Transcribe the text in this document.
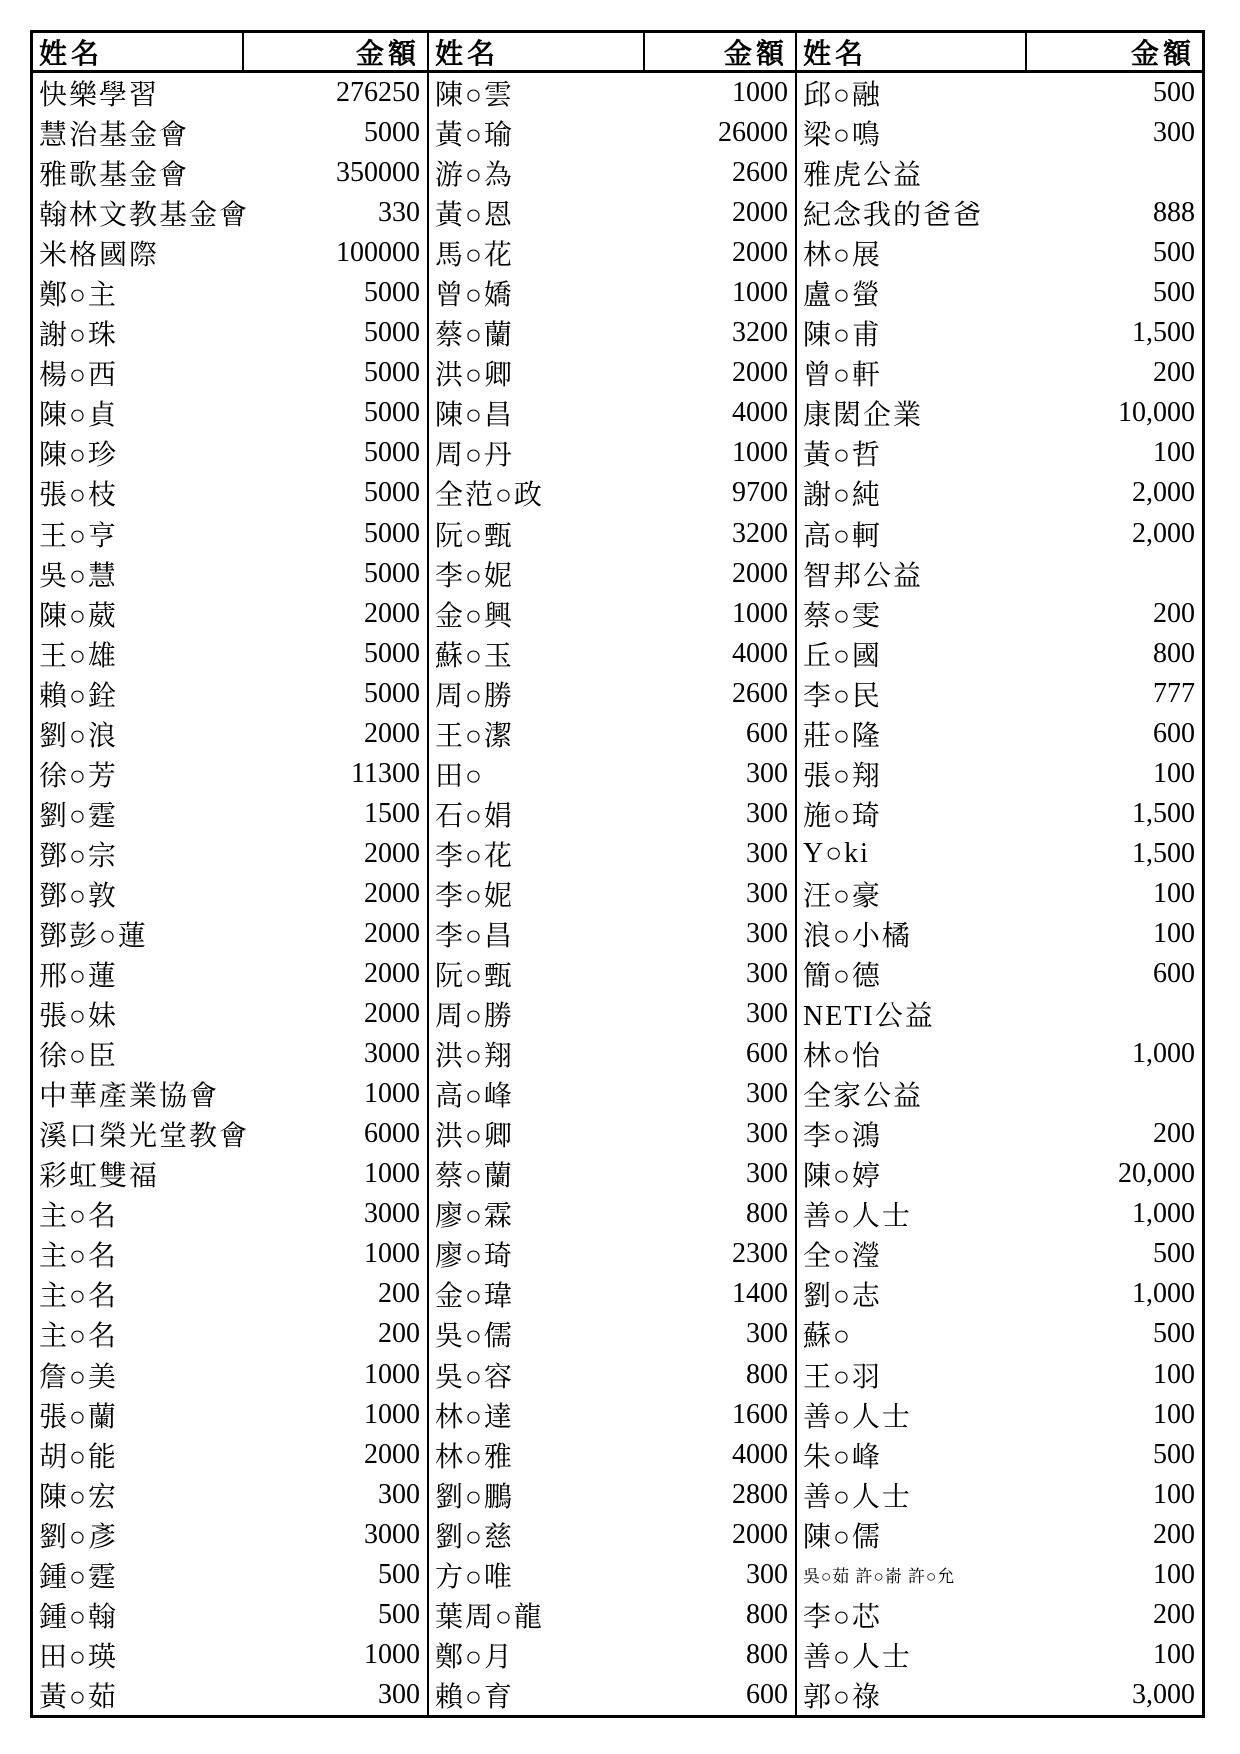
姓名	金額
快樂學習	276250
慧治基金會	5000
雅歌基金會	350000
翰林文教基金會	330
米格國際	100000
鄭○主	5000
謝○珠	5000
楊○西	5000
陳○貞	5000
陳○珍	5000
張○枝	5000
王○亨	5000
吳○慧	5000
陳○葳	2000
王○雄	5000
賴○銓	5000
劉○浪	2000
徐○芳	11300
劉○霆	1500
鄧○宗	2000
鄧○敦	2000
鄧彭○蓮	2000
邢○蓮	2000
張○妹	2000
徐○臣	3000
中華產業協會	1000
溪口榮光堂教會	6000
彩虹雙福	1000
主○名	3000
主○名	1000
主○名	200
主○名	200
詹○美	1000
張○蘭	1000
胡○能	2000
陳○宏	300
劉○彥	3000
鍾○霆	500
鍾○翰	500
田○瑛	1000
黃○茹	300
姓名	金額
陳○雲	1000
黃○瑜	26000
游○為	2600
黃○恩	2000
馬○花	2000
曾○嬌	1000
蔡○蘭	3200
洪○卿	2000
陳○昌	4000
周○丹	1000
全范○政	9700
阮○甄	3200
李○妮	2000
金○興	1000
蘇○玉	4000
周○勝	2600
王○潔	600
田○	300
石○娟	300
李○花	300
李○妮	300
李○昌	300
阮○甄	300
周○勝	300
洪○翔	600
高○峰	300
洪○卿	300
蔡○蘭	300
廖○霖	800
廖○琦	2300
金○瑋	1400
吳○儒	300
吳○容	800
林○達	1600
林○雅	4000
劉○鵬	2800
劉○慈	2000
方○唯	300
葉周○龍	800
鄭○月	800
賴○育	600
姓名	金額
邱○融	500
梁○鳴	300
雅虎公益
紀念我的爸爸	888
林○展	500
盧○螢	500
陳○甫	1,500
曾○軒	200
康閎企業	10,000
黃○哲	100
謝○純	2,000
高○軻	2,000
智邦公益
蔡○雯	200
丘○國	800
李○民	777
莊○隆	600
張○翔	100
施○琦	1,500
Y○ki	1,500
汪○豪	100
浪○小橘	100
簡○德	600
NETI公益
林○怡	1,000
全家公益
李○鴻	200
陳○婷	20,000
善○人士	1,000
全○瀅	500
劉○志	1,000
蘇○	500
王○羽	100
善○人士	100
朱○峰	500
善○人士	100
陳○儒	200
吳○茹 許○嵛 許○允	100
李○芯	200
善○人士	100
郭○祿	3,000
